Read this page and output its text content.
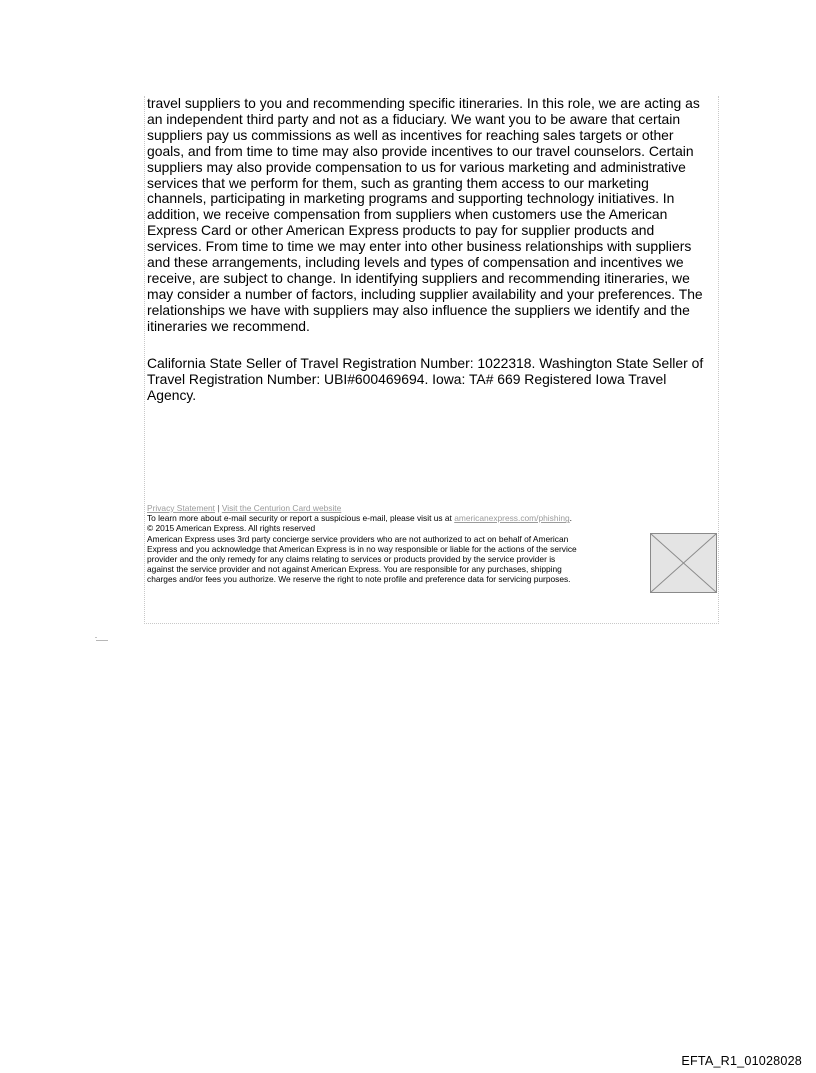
travel suppliers to you and recommending specific itineraries. In this role, we are acting as
an independent third party and not as a fiduciary. We want you to be aware that certain
suppliers pay us commissions as well as incentives for reaching sales targets or other
goals, and from time to time may also provide incentives to our travel counselors. Certain
suppliers may also provide compensation to us for various marketing and administrative
services that we perform for them, such as granting them access to our marketing
channels, participating in marketing programs and supporting technology initiatives. In
addition, we receive compensation from suppliers when customers use the American
Express Card or other American Express products to pay for supplier products and
services. From time to time we may enter into other business relationships with suppliers
and these arrangements, including levels and types of compensation and incentives we
receive, are subject to change. In identifying suppliers and recommending itineraries, we
may consider a number of factors, including supplier availability and your preferences. The
relationships we have with suppliers may also influence the suppliers we identify and the
itineraries we recommend.
California State Seller of Travel Registration Number: 1022318. Washington State Seller of
Travel Registration Number: UBI#600469694. Iowa: TA# 669 Registered Iowa Travel
Agency.
Privacy Statement | Visit the Centurion Card website
To learn more about e-mail security or report a suspicious e-mail, please visit us at americanexpress.com/phishing.
© 2015 American Express. All rights reserved
American Express uses 3rd party concierge service providers who are not authorized to act on behalf of American
Express and you acknowledge that American Express is in no way responsible or liable for the actions of the service
provider and the only remedy for any claims relating to services or products provided by the service provider is
against the service provider and not against American Express. You are responsible for any purchases, shipping
charges and/or fees you authorize. We reserve the right to note profile and preference data for servicing purposes.
EFTA_R1_01028028
